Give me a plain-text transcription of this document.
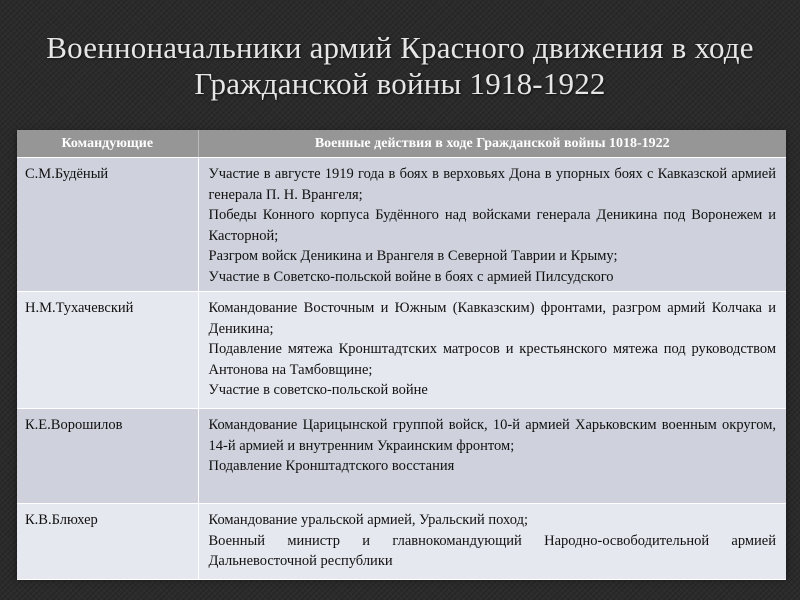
Военноначальники армий Красного движения в ходе
Гражданской войны 1918-1922
Командующие	Военные действия в ходе Гражданской войны 1018-1922
С.М.Будёный	Участие в августе 1919 года в боях в верховьях Дона в упорных боях с Кавказской армией генерала П. Н. Врангеля;
Победы Конного корпуса Будённого над войсками генерала Деникина под Воронежем и Касторной;
Разгром войск Деникина и Врангеля в Северной Таврии и Крыму;
Участие в Советско-польской войне в боях с армией Пилсудского

Н.М.Тухачевский	Командование Восточным и Южным (Кавказским) фронтами, разгром армий Колчака и Деникина;
Подавление мятежа Кронштадтских матросов и крестьянского мятежа под руководством Антонова на Тамбовщине;
Участие в советско-польской войне

К.Е.Ворошилов	Командование Царицынской группой войск, 10-й армией Харьковским военным округом, 14-й армией и внутренним Украинским фронтом;
Подавление Кронштадтского восстания

К.В.Блюхер	Командование уральской армией, Уральский поход;
Военный министр и главнокомандующий Народно-освободительной армией Дальневосточной республики
